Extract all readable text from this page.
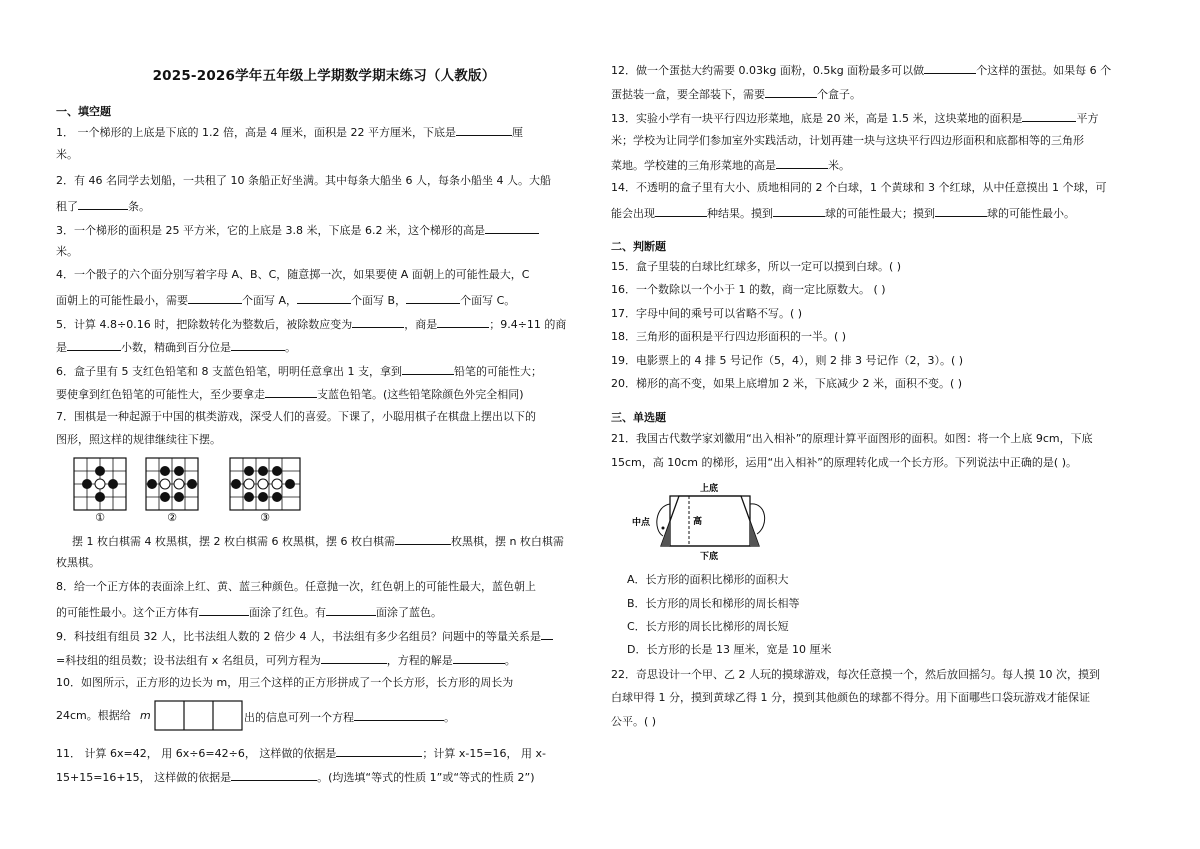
2025-2026学年五年级上学期数学期末练习（人教版）
一、填空题
1． 一个梯形的上底是下底的 1.2 倍，高是 4 厘米，面积是 22 平方厘米，下底是	厘
米。
2．有 46 名同学去划船，一共租了 10 条船正好坐满。其中每条大船坐 6 人，每条小船坐 4 人。大船
租了	条。
3．一个梯形的面积是 25 平方米，它的上底是 3.8 米，下底是 6.2 米，这个梯形的高是
米。
4．一个骰子的六个面分别写着字母 A、B、C，随意掷一次，如果要使 A 面朝上的可能性最大，C
面朝上的可能性最小，需要	个面写 A，	个面写 B，	个面写 C。
5．计算 4.8÷0.16 时，把除数转化为整数后，被除数应变为	，商是	；9.4÷11 的商
是	小数，精确到百分位是	。
6．盒子里有 5 支红色铅笔和 8 支蓝色铅笔，明明任意拿出 1 支，拿到	铅笔的可能性大；
要使拿到红色铅笔的可能性大，至少要拿走	支蓝色铅笔。(这些铅笔除颜色外完全相同)
7．围棋是一种起源于中国的棋类游戏，深受人们的喜爱。下课了，小聪用棋子在棋盘上摆出以下的
图形，照这样的规律继续往下摆。
①	②	③
摆 1 枚白棋需 4 枚黑棋，摆 2 枚白棋需 6 枚黑棋，摆 6 枚白棋需	枚黑棋，摆 n 枚白棋需
枚黑棋。
8．给一个正方体的表面涂上红、黄、蓝三种颜色。任意抛一次，红色朝上的可能性最大，蓝色朝上
的可能性最小。这个正方体有	面涂了红色。有	面涂了蓝色。
9．科技组有组员 32 人，比书法组人数的 2 倍少 4 人，书法组有多少名组员？问题中的等量关系是
=科技组的组员数；设书法组有 x 名组员，可列方程为	，方程的解是	。
10．如图所示，正方形的边长为 m，用三个这样的正方形拼成了一个长方形，长方形的周长为
24cm。根据给 m	出的信息可列一个方程	。
11． 计算 6x=42， 用 6x÷6=42÷6， 这样做的依据是	；计算 x-15=16， 用 x-
15+15=16+15， 这样做的依据是	。(均选填“等式的性质 1”或“等式的性质 2”)
12．做一个蛋挞大约需要 0.03kg 面粉，0.5kg 面粉最多可以做	个这样的蛋挞。如果每 6 个
蛋挞装一盒，要全部装下，需要	个盒子。
13．实验小学有一块平行四边形菜地，底是 20 米，高是 1.5 米，这块菜地的面积是	平方
米；学校为让同学们参加室外实践活动，计划再建一块与这块平行四边形面积和底都相等的三角形
菜地。学校建的三角形菜地的高是	米。
14．不透明的盒子里有大小、质地相同的 2 个白球，1 个黄球和 3 个红球，从中任意摸出 1 个球，可
能会出现	种结果。摸到	球的可能性最大；摸到	球的可能性最小。
二、判断题
15．盒子里装的白球比红球多，所以一定可以摸到白球。( )
16．一个数除以一个小于 1 的数，商一定比原数大。 ( )
17．字母中间的乘号可以省略不写。( )
18．三角形的面积是平行四边形面积的一半。( )
19．电影票上的 4 排 5 号记作（5，4），则 2 排 3 号记作（2，3）。( )
20．梯形的高不变，如果上底增加 2 米，下底减少 2 米，面积不变。( )
三、单选题
21．我国古代数学家刘徽用“出入相补”的原理计算平面图形的面积。如图：将一个上底 9cm，下底
15cm，高 10cm 的梯形，运用“出入相补”的原理转化成一个长方形。下列说法中正确的是( )。
上底
高
中点
下底
A．长方形的面积比梯形的面积大
B．长方形的周长和梯形的周长相等
C．长方形的周长比梯形的周长短
D．长方形的长是 13 厘米，宽是 10 厘米
22．奇思设计一个甲、乙 2 人玩的摸球游戏，每次任意摸一个，然后放回摇匀。每人摸 10 次，摸到
白球甲得 1 分，摸到黄球乙得 1 分，摸到其他颜色的球都不得分。用下面哪些口袋玩游戏才能保证
公平。( )
